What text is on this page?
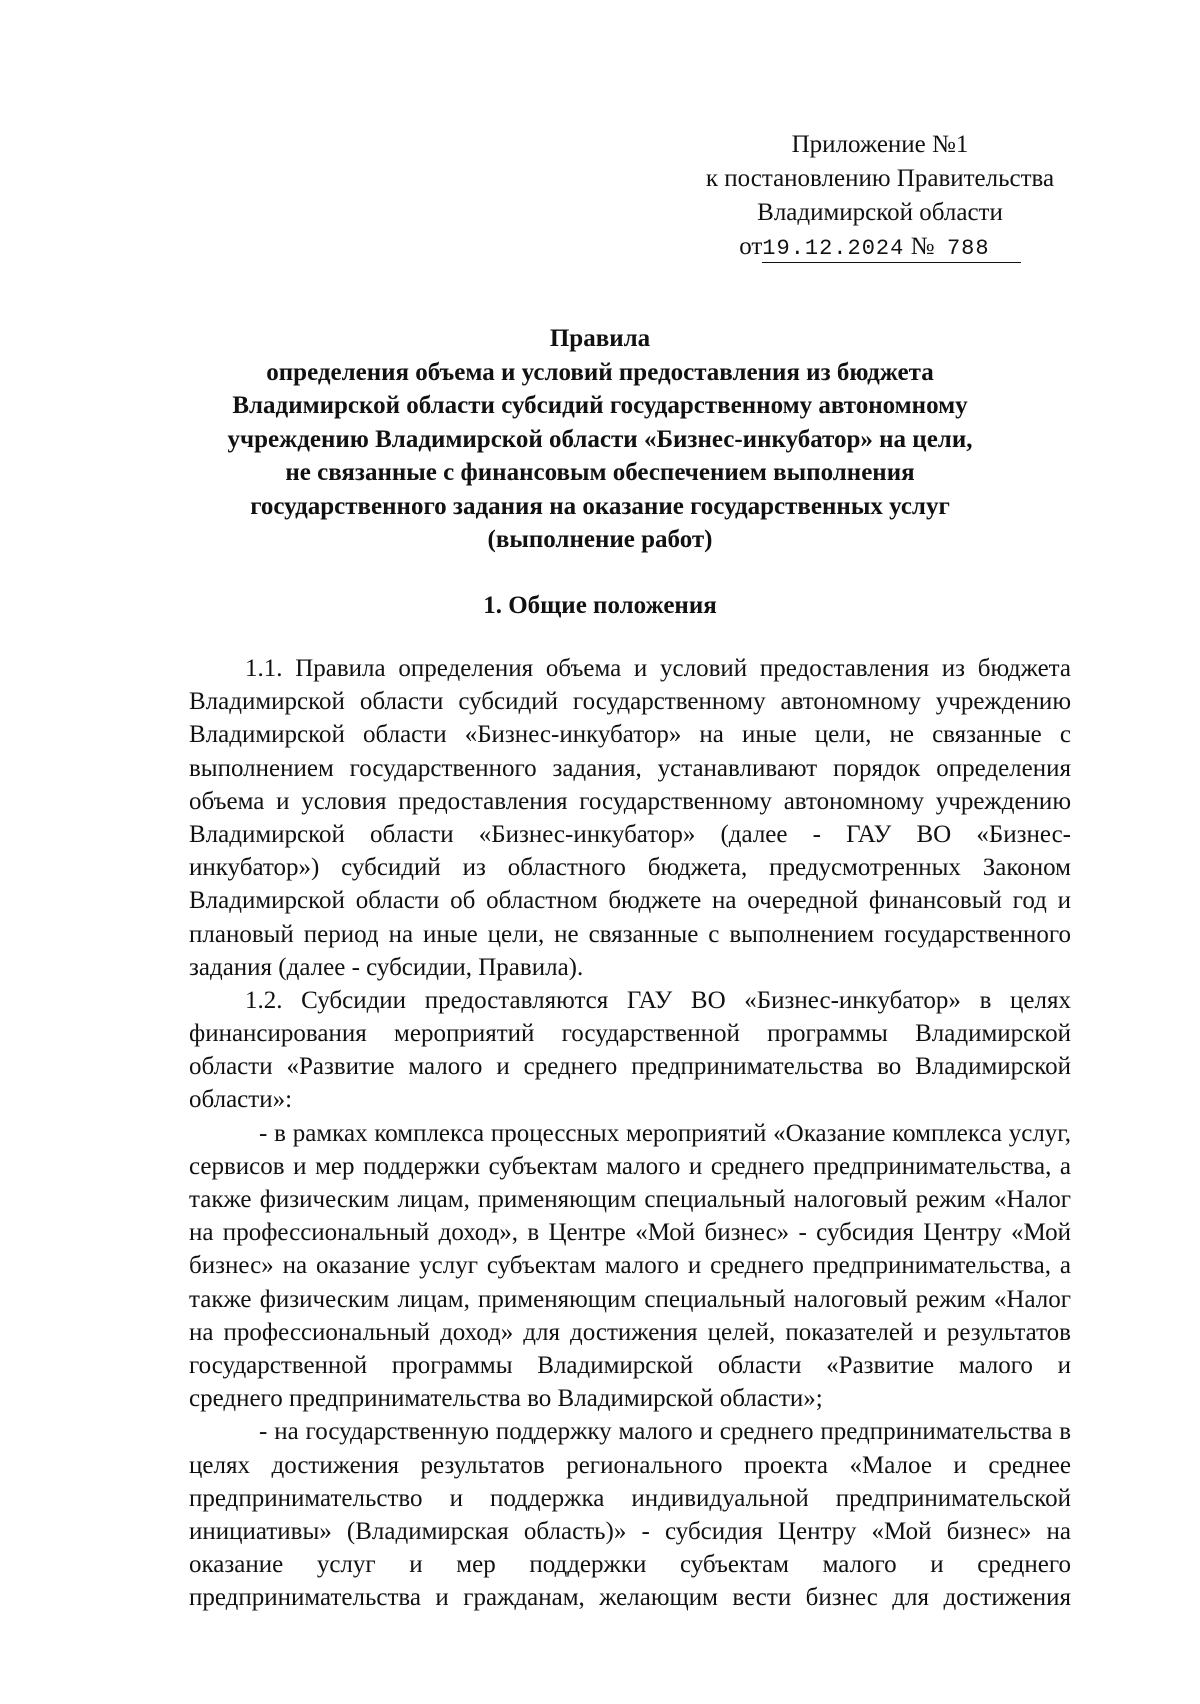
Приложение №1
к постановлению Правительства
Владимирской области
от19.12.2024 № 788
Правила
определения объема и условий предоставления из бюджета
Владимирской области субсидий государственному автономному
учреждению Владимирской области «Бизнес-инкубатор» на цели,
не связанные с финансовым обеспечением выполнения
государственного задания на оказание государственных услуг
(выполнение работ)
1. Общие положения
1.1. Правила определения объема и условий предоставления из бюджета
Владимирской области субсидий государственному автономному учреждению
Владимирской области «Бизнес-инкубатор» на иные цели, не связанные с
выполнением государственного задания, устанавливают порядок определения
объема и условия предоставления государственному автономному учреждению
Владимирской области «Бизнес-инкубатор» (далее - ГАУ ВО «Бизнес-
инкубатор») субсидий из областного бюджета, предусмотренных Законом
Владимирской области об областном бюджете на очередной финансовый год и
плановый период на иные цели, не связанные с выполнением государственного
задания (далее - субсидии, Правила).
1.2. Субсидии предоставляются ГАУ ВО «Бизнес-инкубатор» в целях
финансирования мероприятий государственной программы Владимирской
области «Развитие малого и среднего предпринимательства во Владимирской
области»:
- в рамках комплекса процессных мероприятий «Оказание комплекса услуг,
сервисов и мер поддержки субъектам малого и среднего предпринимательства, а
также физическим лицам, применяющим специальный налоговый режим «Налог
на профессиональный доход», в Центре «Мой бизнес» - субсидия Центру «Мой
бизнес» на оказание услуг субъектам малого и среднего предпринимательства, а
также физическим лицам, применяющим специальный налоговый режим «Налог
на профессиональный доход» для достижения целей, показателей и результатов
государственной программы Владимирской области «Развитие малого и
среднего предпринимательства во Владимирской области»;
- на государственную поддержку малого и среднего предпринимательства в
целях достижения результатов регионального проекта «Малое и среднее
предпринимательство и поддержка индивидуальной предпринимательской
инициативы» (Владимирская область)» - субсидия Центру «Мой бизнес» на
оказание услуг и мер поддержки субъектам малого и среднего
предпринимательства и гражданам, желающим вести бизнес для достижения
